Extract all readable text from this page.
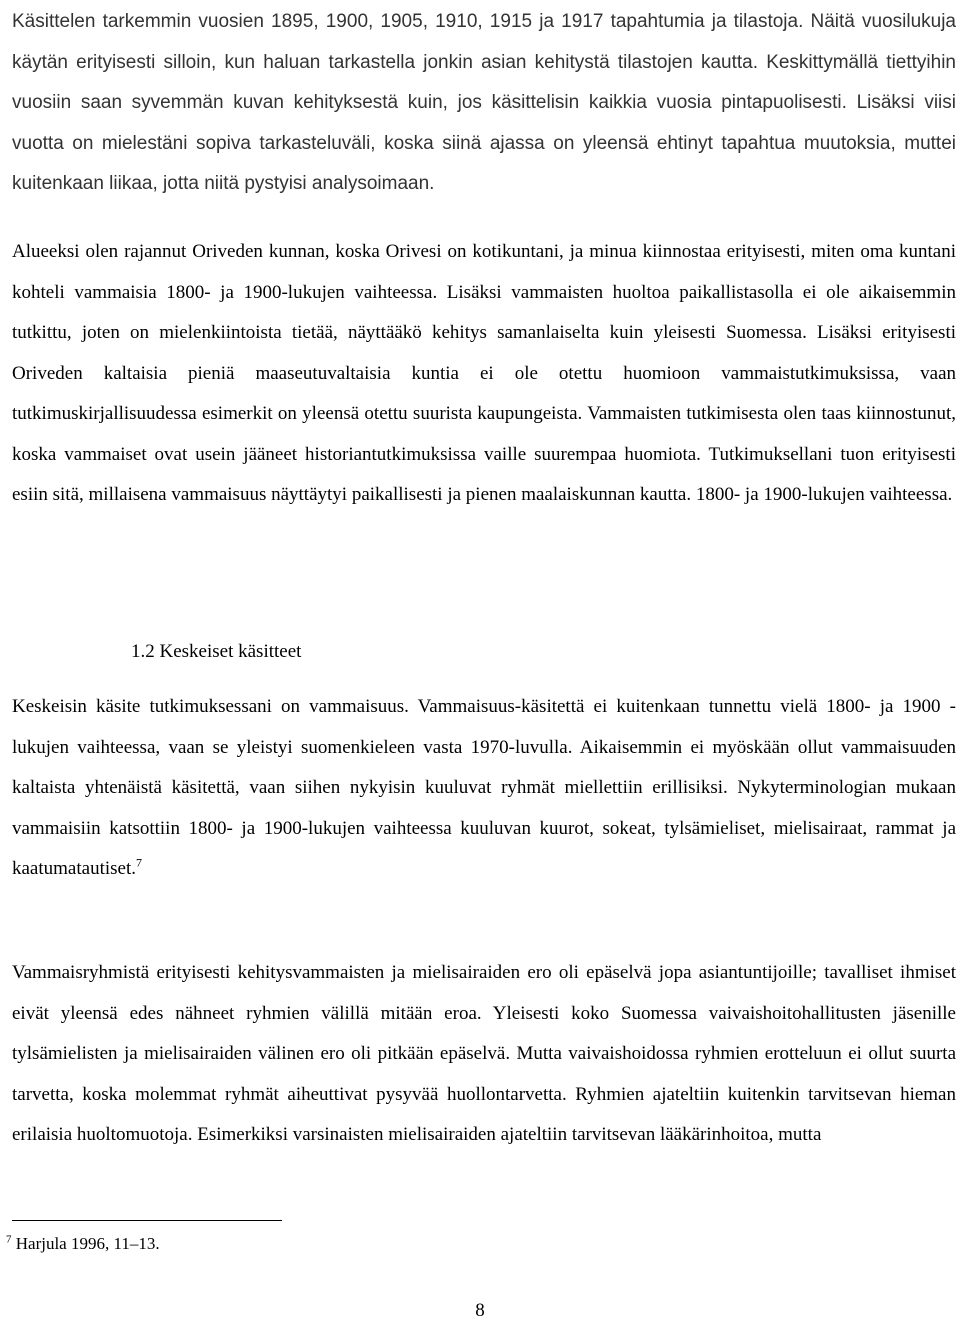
Käsittelen tarkemmin vuosien 1895, 1900, 1905, 1910, 1915 ja 1917 tapahtumia ja tilastoja. Näitä vuosilukuja käytän erityisesti silloin, kun haluan tarkastella jonkin asian kehitystä tilastojen kautta. Keskittymällä tiettyihin vuosiin saan syvemmän kuvan kehityksestä kuin, jos käsittelisin kaikkia vuosia pintapuolisesti. Lisäksi viisi vuotta on mielestäni sopiva tarkasteluväli, koska siinä ajassa on yleensä ehtinyt tapahtua muutoksia, muttei kuitenkaan liikaa, jotta niitä pystyisi analysoimaan.

Alueeksi olen rajannut Oriveden kunnan, koska Orivesi on kotikuntani, ja minua kiinnostaa erityisesti, miten oma kuntani kohteli vammaisia 1800- ja 1900-lukujen vaihteessa. Lisäksi vammaisten huoltoa paikallistasolla ei ole aikaisemmin tutkittu, joten on mielenkiintoista tietää, näyttääkö kehitys samanlaiselta kuin yleisesti Suomessa. Lisäksi erityisesti Oriveden kaltaisia pieniä maaseutuvaltaisia kuntia ei ole otettu huomioon vammaistutkimuksissa, vaan tutkimuskirjallisuudessa esimerkit on yleensä otettu suurista kaupungeista. Vammaisten tutkimisesta olen taas kiinnostunut, koska vammaiset ovat usein jääneet historiantutkimuksissa vaille suurempaa huomiota. Tutkimuksellani tuon erityisesti esiin sitä, millaisena vammaisuus näyttäytyi paikallisesti ja pienen maalaiskunnan kautta. 1800- ja 1900-lukujen vaihteessa.

1.2 Keskeiset käsitteet

Keskeisin käsite tutkimuksessani on vammaisuus. Vammaisuus-käsitettä ei kuitenkaan tunnettu vielä 1800- ja 1900 -lukujen vaihteessa, vaan se yleistyi suomenkieleen vasta 1970-luvulla. Aikaisemmin ei myöskään ollut vammaisuuden kaltaista yhtenäistä käsitettä, vaan siihen nykyisin kuuluvat ryhmät miellettiin erillisiksi. Nykyterminologian mukaan vammaisiin katsottiin 1800- ja 1900-lukujen vaihteessa kuuluvan kuurot, sokeat, tylsämieliset, mielisairaat, rammat ja kaatumatautiset.$^7$

Vammaisryhmistä erityisesti kehitysvammaisten ja mielisairaiden ero oli epäselvä jopa asiantuntijoille; tavalliset ihmiset eivät yleensä edes nähneet ryhmien välillä mitään eroa. Yleisesti koko Suomessa vaivaishoitohallitusten jäsenille tylsämielisten ja mielisairaiden välinen ero oli pitkään epäselvä. Mutta vaivaishoidossa ryhmien erotteluun ei ollut suurta tarvetta, koska molemmat ryhmät aiheuttivat pysyvää huollontarvetta. Ryhmien ajateltiin kuitenkin tarvitsevan hieman erilaisia huoltomuotoja. Esimerkiksi varsinaisten mielisairaiden ajateltiin tarvitsevan lääkärinhoitoa, mutta

$^7$ Harjula 1996, 11–13.

8
